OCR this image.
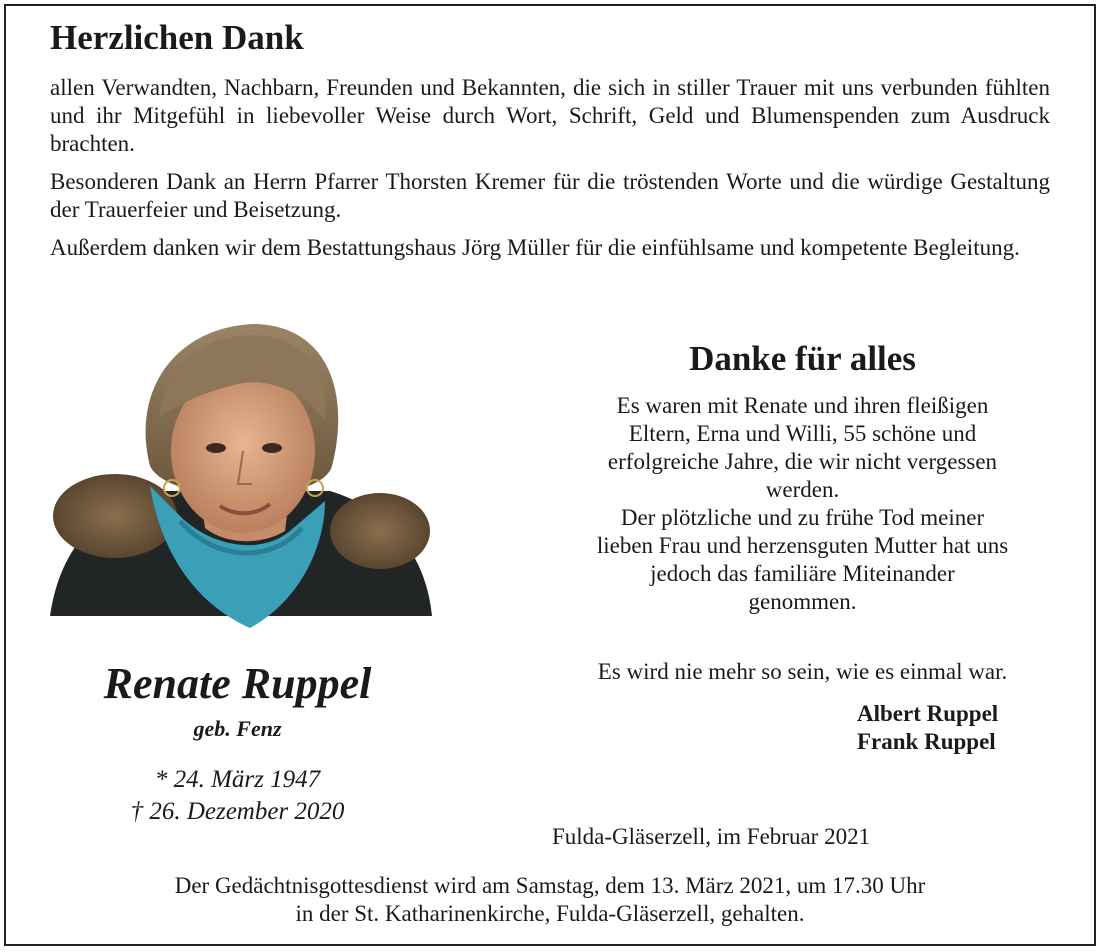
Herzlichen Dank

allen Verwandten, Nachbarn, Freunden und Bekannten, die sich in stiller Trauer mit uns verbunden fühlten und ihr Mitgefühl in liebevoller Weise durch Wort, Schrift, Geld und Blumenspenden zum Ausdruck brachten.

Besonderen Dank an Herrn Pfarrer Thorsten Kremer für die tröstenden Worte und die würdige Gestaltung der Trauerfeier und Beisetzung.

Außerdem danken wir dem Bestattungshaus Jörg Müller für die einfühlsame und kompetente Begleitung.

Renate Ruppel
geb. Fenz
* 24. März 1947
† 26. Dezember 2020
Danke für alles
Es waren mit Renate und ihren fleißigen
Eltern, Erna und Willi, 55 schöne und
erfolgreiche Jahre, die wir nicht vergessen
werden.
Der plötzliche und zu frühe Tod meiner
lieben Frau und herzensguten Mutter hat uns
jedoch das familiäre Miteinander
genommen.
Es wird nie mehr so sein, wie es einmal war.
Albert Ruppel
Frank Ruppel
Fulda-Gläserzell, im Februar 2021
Der Gedächtnisgottesdienst wird am Samstag, dem 13. März 2021, um 17.30 Uhr
in der St. Katharinenkirche, Fulda-Gläserzell, gehalten.
